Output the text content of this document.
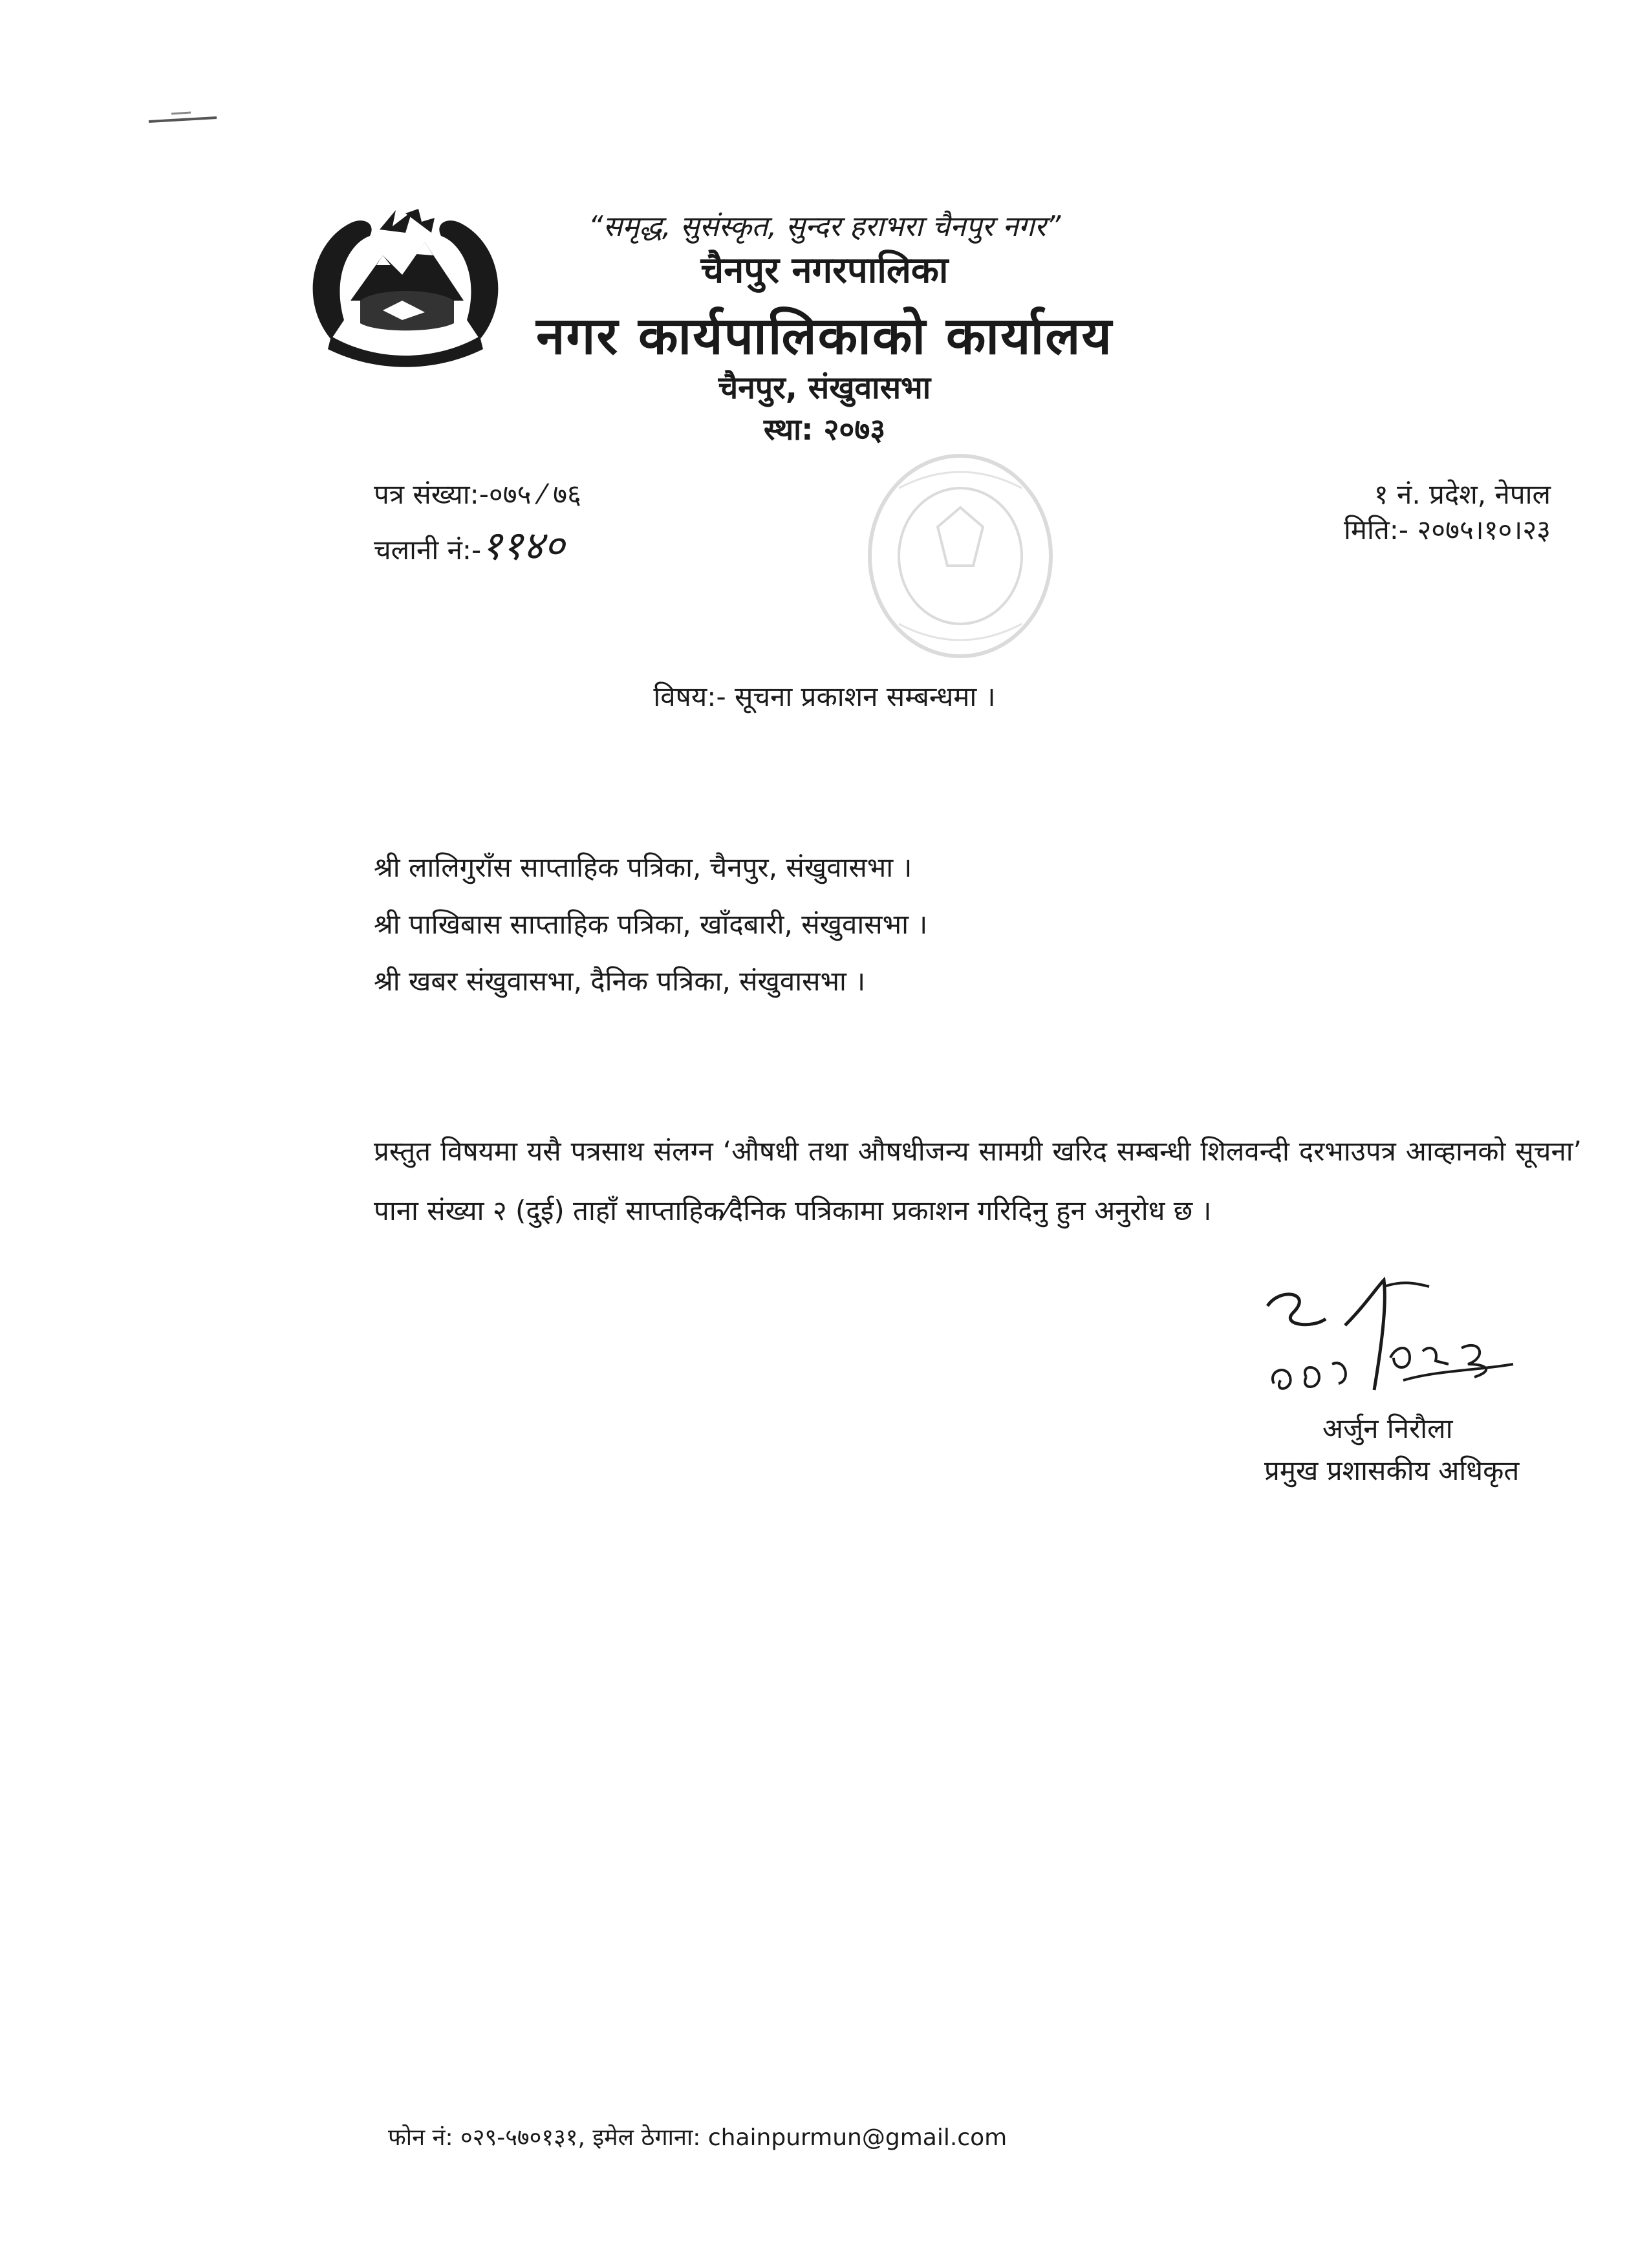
“समृद्ध, सुसंस्कृत, सुन्दर हराभरा चैनपुर नगर”
चैनपुर नगरपालिका
नगर कार्यपालिकाको कार्यालय
चैनपुर, संखुवासभा
स्था: २०७३
पत्र संख्या:-०७५ ⁄ ७६
चलानी नं:-११४०
१ नं. प्रदेश, नेपाल
मिति:- २०७५।१०।२३
विषय:- सूचना प्रकाशन सम्बन्धमा ।
श्री लालिगुराँस साप्ताहिक पत्रिका, चैनपुर, संखुवासभा ।
श्री पाखिबास साप्ताहिक पत्रिका, खाँदबारी, संखुवासभा ।
श्री खबर संखुवासभा, दैनिक पत्रिका, संखुवासभा ।
प्रस्तुत विषयमा यसै पत्रसाथ संलग्न ‘औषधी तथा औषधीजन्य सामग्री खरिद सम्बन्धी शिलवन्दी दरभाउपत्र आव्हानको सूचना’ पाना संख्या २ (दुई) ताहाँ साप्ताहिक⁄दैनिक पत्रिकामा प्रकाशन गरिदिनु हुन अनुरोध छ ।
अर्जुन निरौला
प्रमुख प्रशासकीय अधिकृत
फोन नं: ०२९-५७०१३१, इमेल ठेगाना: chainpurmun@gmail.com
